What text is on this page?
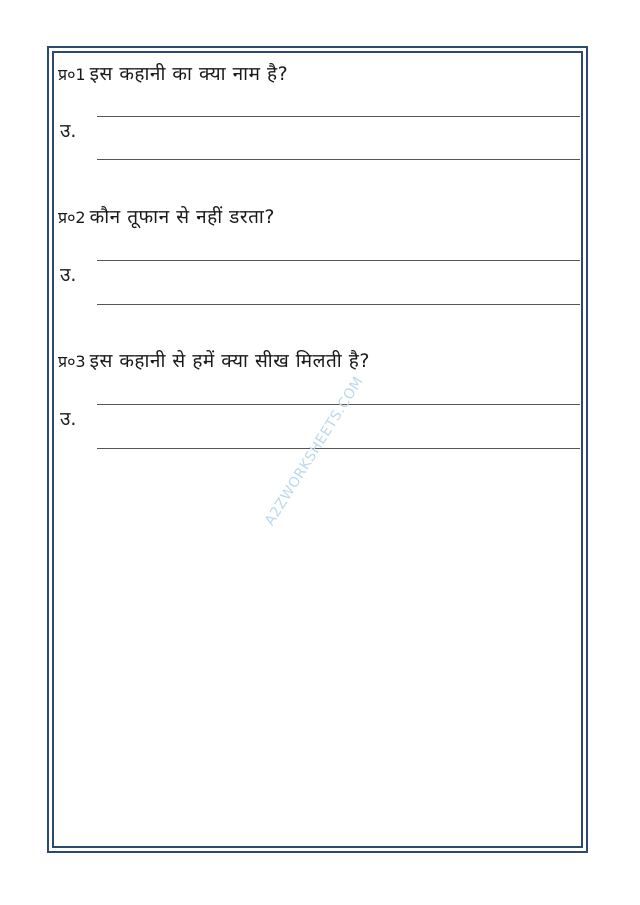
प्र०1 इस कहानी का क्या नाम है?
उ.
प्र०2 कौन तूफान से नहीं डरता?
उ.
प्र०3 इस कहानी से हमें क्या सीख मिलती है?
उ.	A2ZWORKSHEETS.COM
